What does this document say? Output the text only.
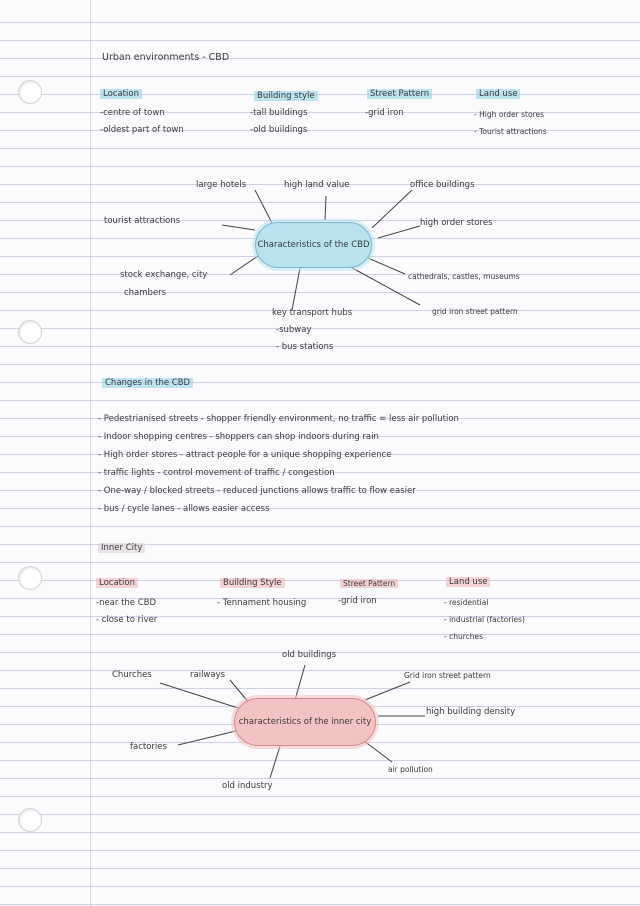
Urban environments - CBD
Location
-centre of town
-oldest part of town
Building style
-tall buildings
-old buildings
Street Pattern
-grid iron
Land use
- High order stores
- Tourist attractions
Characteristics of the CBD
large hotels	high land value	office buildings
tourist attractions	high order stores
cathedrals, castles, museums
stock exchange, city
chambers
grid iron street pattern
key transport hubs
-subway
- bus stations
Changes in the CBD
- Pedestrianised streets - shopper friendly environment, no traffic = less air pollution
- Indoor shopping centres - shoppers can shop indoors during rain
- High order stores - attract people for a unique shopping experience
- traffic lights - control movement of traffic / congestion
- One-way / blocked streets - reduced junctions allows traffic to flow easier
- bus / cycle lanes - allows easier access
Inner City
Location
-near the CBD
- close to river
Building Style
- Tennament housing
Street Pattern
-grid iron
Land use
- residential
- industrial (factories)
- churches
characteristics of the inner city
old buildings
Churches	railways	Grid iron street pattern
high building density
factories
air pollution
old industry
